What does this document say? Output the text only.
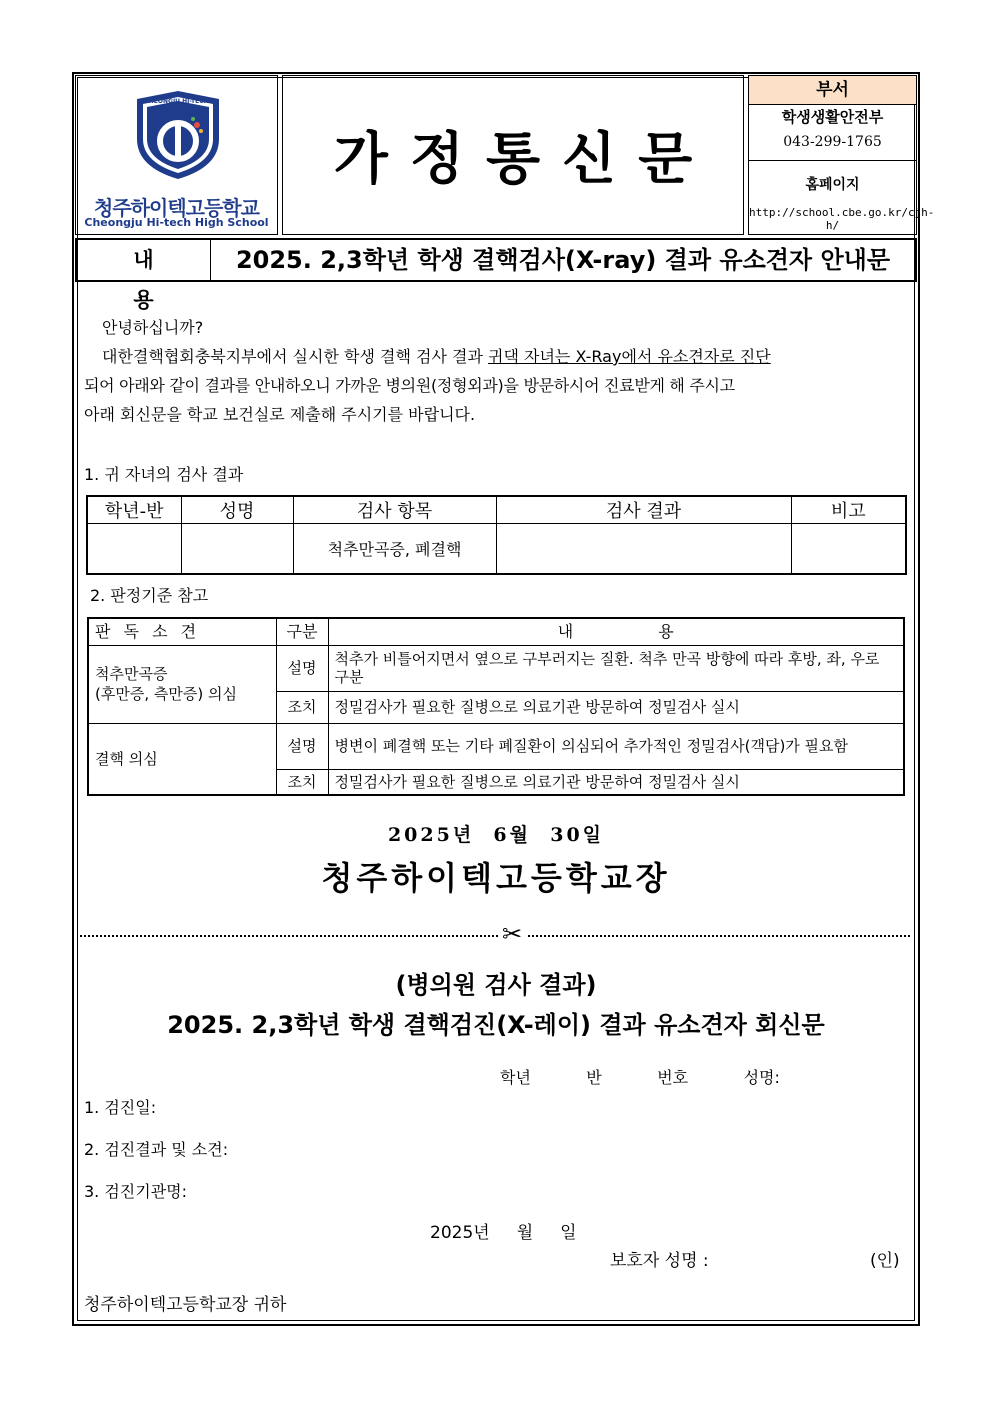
CHEONGJU HI-TECH
청주하이텍고등학교
Cheongju Hi-tech High School
가정통신문
부서
학생생활안전부
043-299-1765
홈페이지
http://school.cbe.go.kr/cjh-h/
내용
2025. 2,3학년 학생 결핵검사(X-ray) 결과 유소견자 안내문
안녕하십니까?
대한결핵협회충북지부에서 실시한 학생 결핵 검사 결과 귀댁 자녀는 X-Ray에서 유소견자로 진단
되어 아래와 같이 결과를 안내하오니 가까운 병의원(정형외과)을 방문하시어 진료받게 해 주시고
아래 회신문을 학교 보건실로 제출해 주시기를 바랍니다.
1. 귀 자녀의 검사 결과
학년-반	성명	검사 항목	검사 결과	비고
		척추만곡증, 폐결핵		
2. 판정기준 참고
판 독 소 견	구분	내 용
척추만곡증
(후만증, 측만증) 의심	설명	척추가 비틀어지면서 옆으로 구부러지는 질환. 척추 만곡 방향에 따라 후방, 좌, 우로 구분
	조치	정밀검사가 필요한 질병으로 의료기관 방문하여 정밀검사 실시
결핵 의심	설명	병변이 폐결핵 또는 기타 폐질환이 의심되어 추가적인 정밀검사(객담)가 필요함
	조치	정밀검사가 필요한 질병으로 의료기관 방문하여 정밀검사 실시
2025년  6월  30일
청주하이텍고등학교장
✂
(병의원 검사 결과)
2025. 2,3학년 학생 결핵검진(X-레이) 결과 유소견자 회신문
학년     반     번호     성명:
1. 검진일:
2. 검진결과 및 소견:
3. 검진기관명:
2025년     월     일
보호자 성명 :	(인)
청주하이텍고등학교장 귀하
